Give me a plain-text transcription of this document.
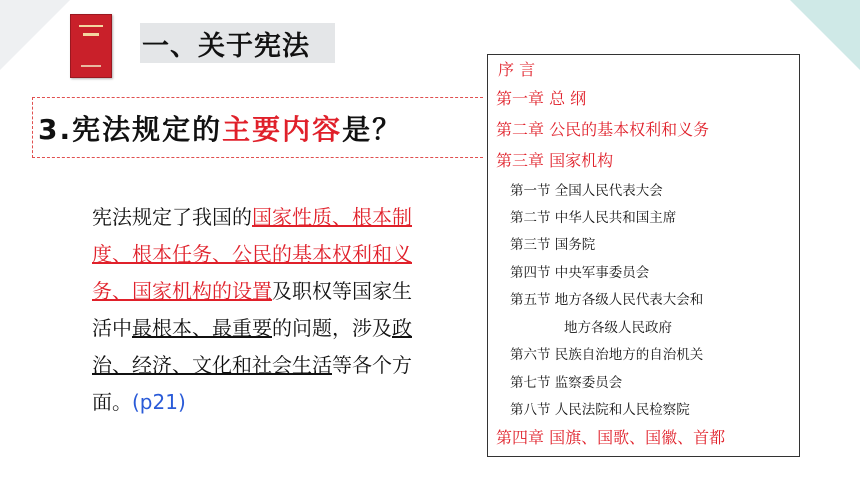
一、关于宪法
3.宪法规定的主要内容是？

宪法规定了我国的国家性质、根本制度、根本任务、公民的基本权利和义务、国家机构的设置及职权等国家生活中最根本、最重要的问题，涉及政治、经济、文化和社会生活等各个方面。(p21)

序 言
第一章 总 纲
第二章 公民的基本权利和义务
第三章 国家机构
第一节 全国人民代表大会
第二节 中华人民共和国主席
第三节 国务院
第四节 中央军事委员会
第五节 地方各级人民代表大会和
地方各级人民政府
第六节 民族自治地方的自治机关
第七节 监察委员会
第八节 人民法院和人民检察院
第四章 国旗、国歌、国徽、首都
